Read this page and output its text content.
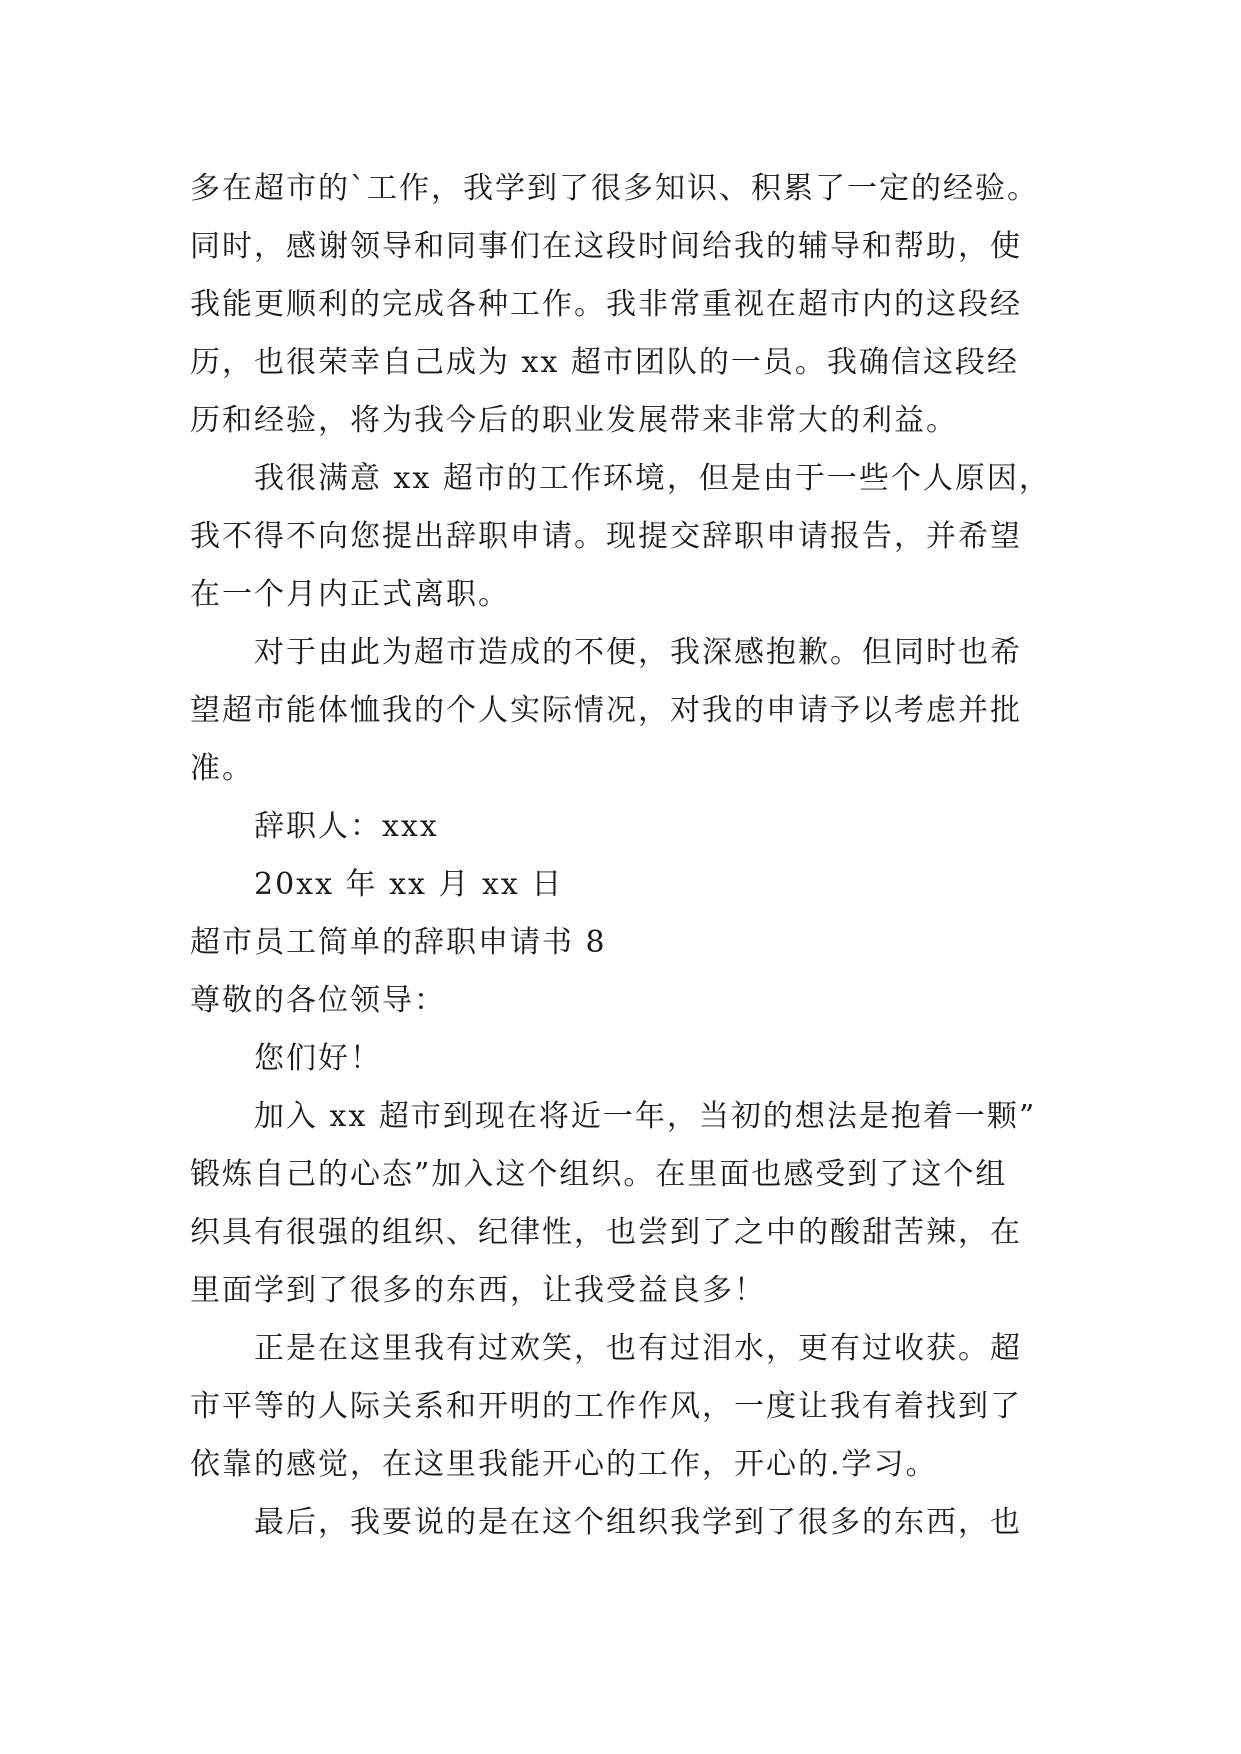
多在超市的`工作，我学到了很多知识、积累了一定的经验。
同时，感谢领导和同事们在这段时间给我的辅导和帮助，使
我能更顺利的完成各种工作。我非常重视在超市内的这段经
历，也很荣幸自己成为 xx 超市团队的一员。我确信这段经
历和经验，将为我今后的职业发展带来非常大的利益。
我很满意 xx 超市的工作环境，但是由于一些个人原因，
我不得不向您提出辞职申请。现提交辞职申请报告，并希望
在一个月内正式离职。
对于由此为超市造成的不便，我深感抱歉。但同时也希
望超市能体恤我的个人实际情况，对我的申请予以考虑并批
准。
辞职人：xxx
20xx 年 xx 月 xx 日
超市员工简单的辞职申请书 8
尊敬的各位领导：
您们好！
加入 xx 超市到现在将近一年，当初的想法是抱着一颗”
锻炼自己的心态”加入这个组织。在里面也感受到了这个组
织具有很强的组织、纪律性，也尝到了之中的酸甜苦辣，在
里面学到了很多的东西，让我受益良多！
正是在这里我有过欢笑，也有过泪水，更有过收获。超
市平等的人际关系和开明的工作作风，一度让我有着找到了
依靠的感觉，在这里我能开心的工作，开心的.学习。
最后，我要说的是在这个组织我学到了很多的东西，也
